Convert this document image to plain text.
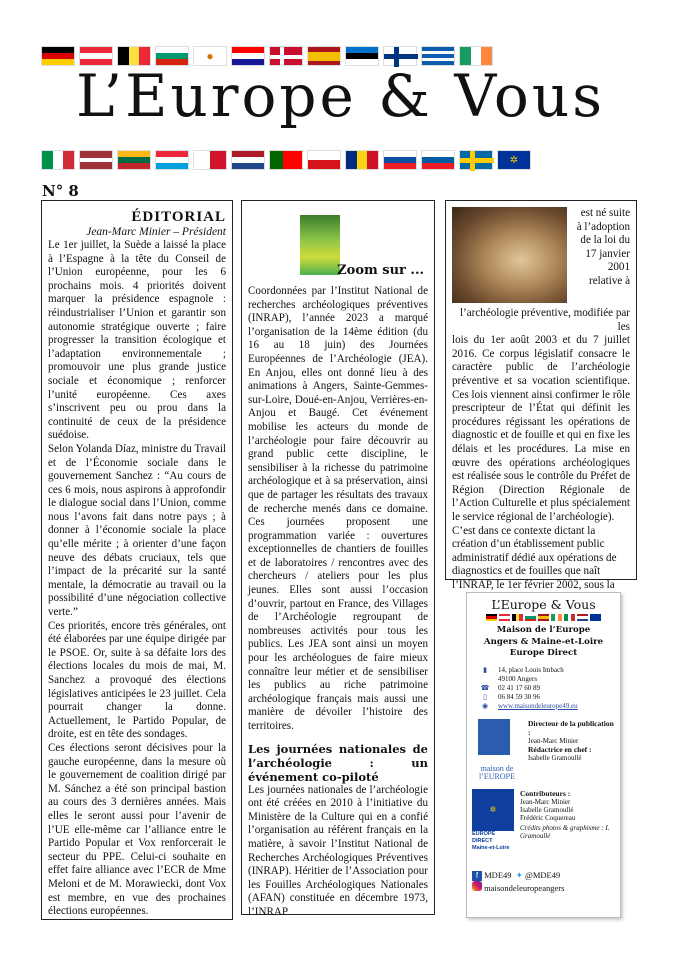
●
L’Europe & Vous
✲
N° 8
ÉDITORIAL
Jean-Marc Minier – Président

Le 1er juillet, la Suède a laissé la place à l’Espagne à la tête du Conseil de l’Union européenne, pour les 6 prochains mois. 4 priorités doivent marquer la présidence espagnole : réindustrialiser l’Union et garantir son autonomie stratégique ouverte ; faire progresser la transition écologique et l’adaptation environnementale ; promouvoir une plus grande justice sociale et économique ; renforcer l’unité européenne. Ces axes s’inscrivent peu ou prou dans la continuité de ceux de la présidence suédoise.

Selon Yolanda Díaz, ministre du Travail et de l’Économie sociale dans le gouvernement Sanchez : “Au cours de ces 6 mois, nous aspirons à approfondir le dialogue social dans l’Union, comme nous l’avons fait dans notre pays ; à donner à l’économie sociale la place qu’elle mérite ; à orienter d’une façon neuve des débats cruciaux, tels que l’impact de la précarité sur la santé mentale, la démocratie au travail ou la possibilité d’une négociation collective verte.”

Ces priorités, encore très générales, ont été élaborées par une équipe dirigée par le PSOE. Or, suite à sa défaite lors des élections locales du mois de mai, M. Sanchez a provoqué des élections législatives anticipées le 23 juillet. Cela pourrait changer la donne. Actuellement, le Partido Popular, de droite, est en tête des sondages.

Ces élections seront décisives pour la gauche européenne, dans la mesure où le gouvernement de coalition dirigé par M. Sánchez a été son principal bastion au cours des 3 dernières années. Mais elles le seront aussi pour l’avenir de l’UE elle-même car l’alliance entre le Partido Popular et Vox renforcerait le secteur du PPE. Celui-ci souhaite en effet faire alliance avec l’ECR de Mme Meloni et de M. Morawiecki, dont Vox est membre, en vue des prochaines élections européennes.

Zoom sur ...
Coordonnées par l’Institut National de recherches archéologiques préventives (INRAP), l’année 2023 a marqué l’organisation de la 14ème édition (du 16 au 18 juin) des Journées Européennes de l’Archéologie (JEA). En Anjou, elles ont donné lieu à des animations à Angers, Sainte-Gemmes-sur-Loire, Doué-en-Anjou, Verrières-en-Anjou et Baugé. Cet événement mobilise les acteurs du monde de l’archéologie pour faire découvrir au grand public cette discipline, le sensibiliser à la richesse du patrimoine archéologique et à sa préservation, ainsi que de partager les résultats des travaux de recherche menés dans ce domaine. Ces journées proposent une programmation variée : ouvertures exceptionnelles de chantiers de fouilles et de laboratoires / rencontres avec des chercheurs / ateliers pour les plus jeunes. Elles sont aussi l’occasion d’ouvrir, partout en France, des Villages de l’Archéologie regroupant de nombreuses activités pour tous les publics. Les JEA sont ainsi un moyen pour les archéologues de faire mieux connaître leur métier et de sensibiliser les publics au riche patrimoine archéologique français mais aussi une manière de dévoiler l’histoire des territoires.
Les journées nationales de l’archéologie : un événement co-piloté
Les journées nationales de l’archéologie ont été créées en 2010 à l’initiative du Ministère de la Culture qui en a confié l’organisation au référent français en la matière, à savoir l’Institut National de Recherches Archéologiques Préventives (INRAP). Héritier de l’Association pour les Fouilles Archéologiques Nationales (AFAN) constituée en décembre 1973, l’INRAP
est né suite à l’adoption de la loi du 17 janvier 2001 relative à l’archéologie préventive, modifiée par les
lois du 1er août 2003 et du 7 juillet 2016. Ce corpus législatif consacre le caractère public de l’archéologie préventive et sa vocation scientifique. Ces lois viennent ainsi confirmer le rôle prescripteur de l’État qui définit les procédures régissant les opérations de diagnostic et de fouille et qui en fixe les délais et les procédures. La mise en œuvre des opérations archéologiques est réalisée sous le contrôle du Préfet de Région (Direction Régionale de l’Action Culturelle et plus spécialement le service régional de l’archéologie).
C’est dans ce contexte dictant la création d’un établissement public administratif dédié aux opérations de diagnostics et de fouilles que naît l’INRAP, le 1er février 2002, sous la
L’Europe & Vous
Maison de l’Europe
Angers & Maine-et-Loire
Europe Direct
▮	14, place Louis Imbach
49100 Angers
☎	02 41 17 60 89
▯	06 84 59 30 96
◉	www.maisondeleurope49.eu
maison de l’EUROPE
Directeur de la publication :
Jean-Marc Minier
Rédactrice en chef :
Isabelle Gramoullé
✲
EUROPE DIRECT
Maine-et-Loire
Contributeurs :
Jean-Marc Minier
Isabelle Gramoullé
Frédéric Coquereau
Crédits photos & graphisme : I. Gramoullé
f MDE49 ✦ @MDE49
maisondeleuropeangers
